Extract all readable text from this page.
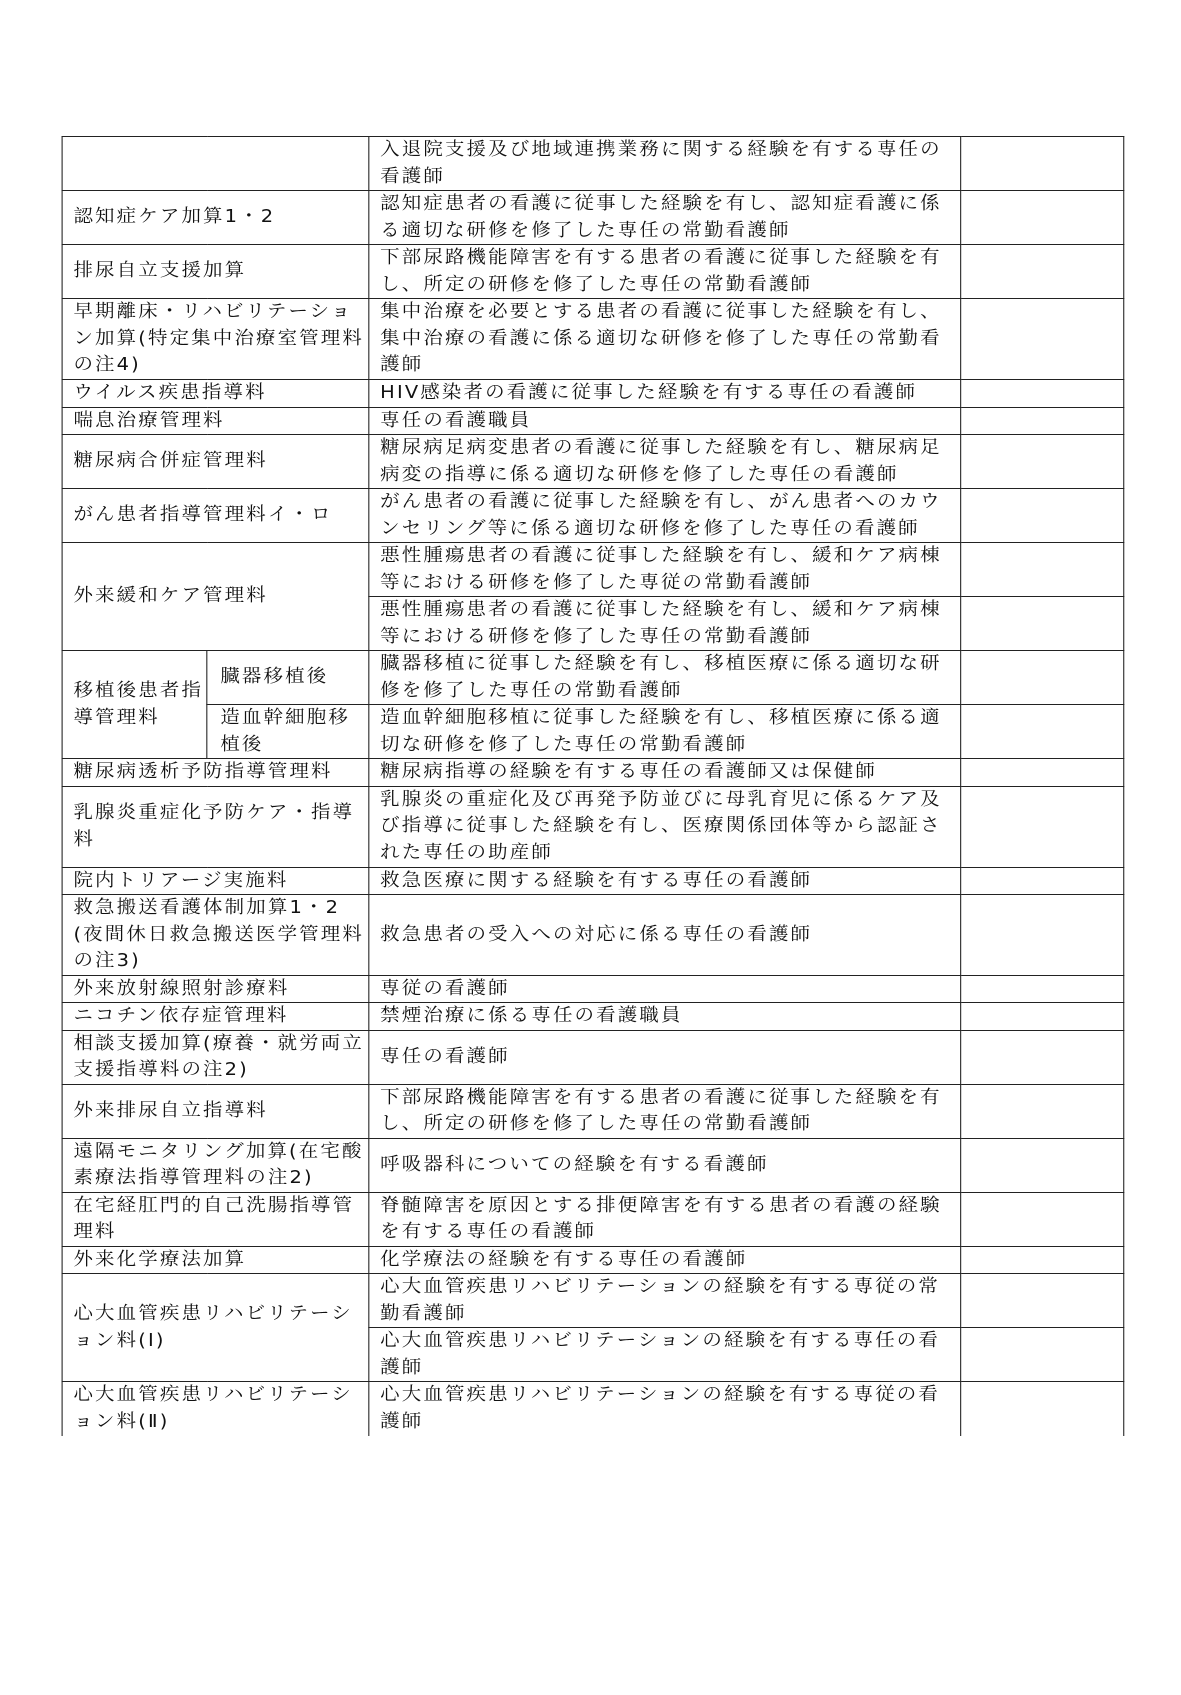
		入退院支援及び地域連携業務に関する経験を有する専任の看護師	
認知症ケア加算1・2		認知症患者の看護に従事した経験を有し、認知症看護に係る適切な研修を修了した専任の常勤看護師	
排尿自立支援加算		下部尿路機能障害を有する患者の看護に従事した経験を有し、所定の研修を修了した専任の常勤看護師	
早期離床・リハビリテーション加算(特定集中治療室管理料の注4)		集中治療を必要とする患者の看護に従事した経験を有し、集中治療の看護に係る適切な研修を修了した専任の常勤看護師	
ウイルス疾患指導料		HIV感染者の看護に従事した経験を有する専任の看護師	
喘息治療管理料		専任の看護職員	
糖尿病合併症管理料		糖尿病足病変患者の看護に従事した経験を有し、糖尿病足病変の指導に係る適切な研修を修了した専任の看護師	
がん患者指導管理料イ・ロ		がん患者の看護に従事した経験を有し、がん患者へのカウンセリング等に係る適切な研修を修了した専任の看護師	
外来緩和ケア管理料		悪性腫瘍患者の看護に従事した経験を有し、緩和ケア病棟等における研修を修了した専従の常勤看護師	
		悪性腫瘍患者の看護に従事した経験を有し、緩和ケア病棟等における研修を修了した専任の常勤看護師	
移植後患者指導管理料	臓器移植後	臓器移植に従事した経験を有し、移植医療に係る適切な研修を修了した専任の常勤看護師	
	造血幹細胞移植後	造血幹細胞移植に従事した経験を有し、移植医療に係る適切な研修を修了した専任の常勤看護師	
糖尿病透析予防指導管理料		糖尿病指導の経験を有する専任の看護師又は保健師	
乳腺炎重症化予防ケア・指導料		乳腺炎の重症化及び再発予防並びに母乳育児に係るケア及び指導に従事した経験を有し、医療関係団体等から認証された専任の助産師	
院内トリアージ実施料		救急医療に関する経験を有する専任の看護師	
救急搬送看護体制加算1・2(夜間休日救急搬送医学管理料の注3)		救急患者の受入への対応に係る専任の看護師	
外来放射線照射診療料		専従の看護師	
ニコチン依存症管理料		禁煙治療に係る専任の看護職員	
相談支援加算(療養・就労両立支援指導料の注2)		専任の看護師	
外来排尿自立指導料		下部尿路機能障害を有する患者の看護に従事した経験を有し、所定の研修を修了した専任の常勤看護師	
遠隔モニタリング加算(在宅酸素療法指導管理料の注2)		呼吸器科についての経験を有する看護師	
在宅経肛門的自己洗腸指導管理料		脊髄障害を原因とする排便障害を有する患者の看護の経験を有する専任の看護師	
外来化学療法加算		化学療法の経験を有する専任の看護師	
心大血管疾患リハビリテーション料(Ⅰ)		心大血管疾患リハビリテーションの経験を有する専従の常勤看護師	
		心大血管疾患リハビリテーションの経験を有する専任の看護師	
心大血管疾患リハビリテーション料(Ⅱ)		心大血管疾患リハビリテーションの経験を有する専従の看護師	
